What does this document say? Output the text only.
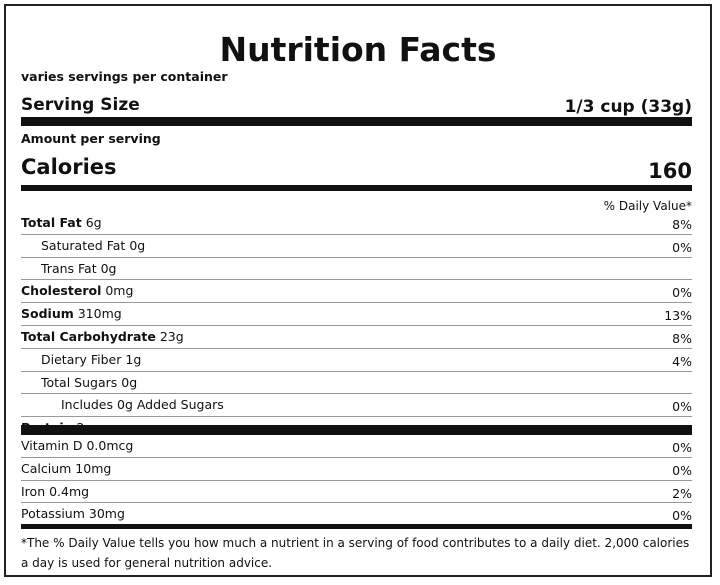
Nutrition Facts
varies servings per container
Serving Size	1/3 cup (33g)
Amount per serving
Calories	160
% Daily Value*
Total Fat 6g	8%
Saturated Fat 0g	0%
Trans Fat 0g
Cholesterol 0mg	0%
Sodium 310mg	13%
Total Carbohydrate 23g	8%
Dietary Fiber 1g	4%
Total Sugars 0g
Includes 0g Added Sugars	0%
Vitamin D 0.0mcg	0%
Calcium 10mg	0%
Iron 0.4mg	2%
Potassium 30mg	0%
*The % Daily Value tells you how much a nutrient in a serving of food contributes to a daily diet. 2,000 calories a day is used for general nutrition advice.
